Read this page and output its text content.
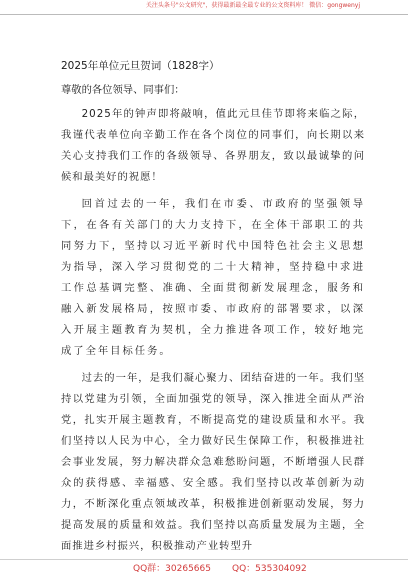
关注头条号"公文研究"，获得最新最全最专业的公文资料库！ 微信：gongwenyj
2025年单位元旦贺词（1828字）
尊敬的各位领导、同事们：

2025年的钟声即将敲响，值此元旦佳节即将来临之际，我谨代表单位向辛勤工作在各个岗位的同事们，向长期以来关心支持我们工作的各级领导、各界朋友，致以最诚挚的问候和最美好的祝愿！

回首过去的一年，我们在市委、市政府的坚强领导下，在各有关部门的大力支持下，在全体干部职工的共同努力下，坚持以习近平新时代中国特色社会主义思想为指导，深入学习贯彻党的二十大精神，坚持稳中求进工作总基调完整、准确、全面贯彻新发展理念，服务和融入新发展格局，按照市委、市政府的部署要求，以深入开展主题教育为契机，全力推进各项工作，较好地完成了全年目标任务。

过去的一年，是我们凝心聚力、团结奋进的一年。我们坚持以党建为引领，全面加强党的领导，深入推进全面从严治党，扎实开展主题教育，不断提高党的建设质量和水平。我们坚持以人民为中心，全力做好民生保障工作，积极推进社会事业发展，努力解决群众急难愁盼问题，不断增强人民群众的获得感、幸福感、安全感。我们坚持以改革创新为动力，不断深化重点领域改革，积极推进创新驱动发展，努力提高发展的质量和效益。我们坚持以高质量发展为主题，全面推进乡村振兴，积极推动产业转型升

QQ群：30265665 QQ：535304092
